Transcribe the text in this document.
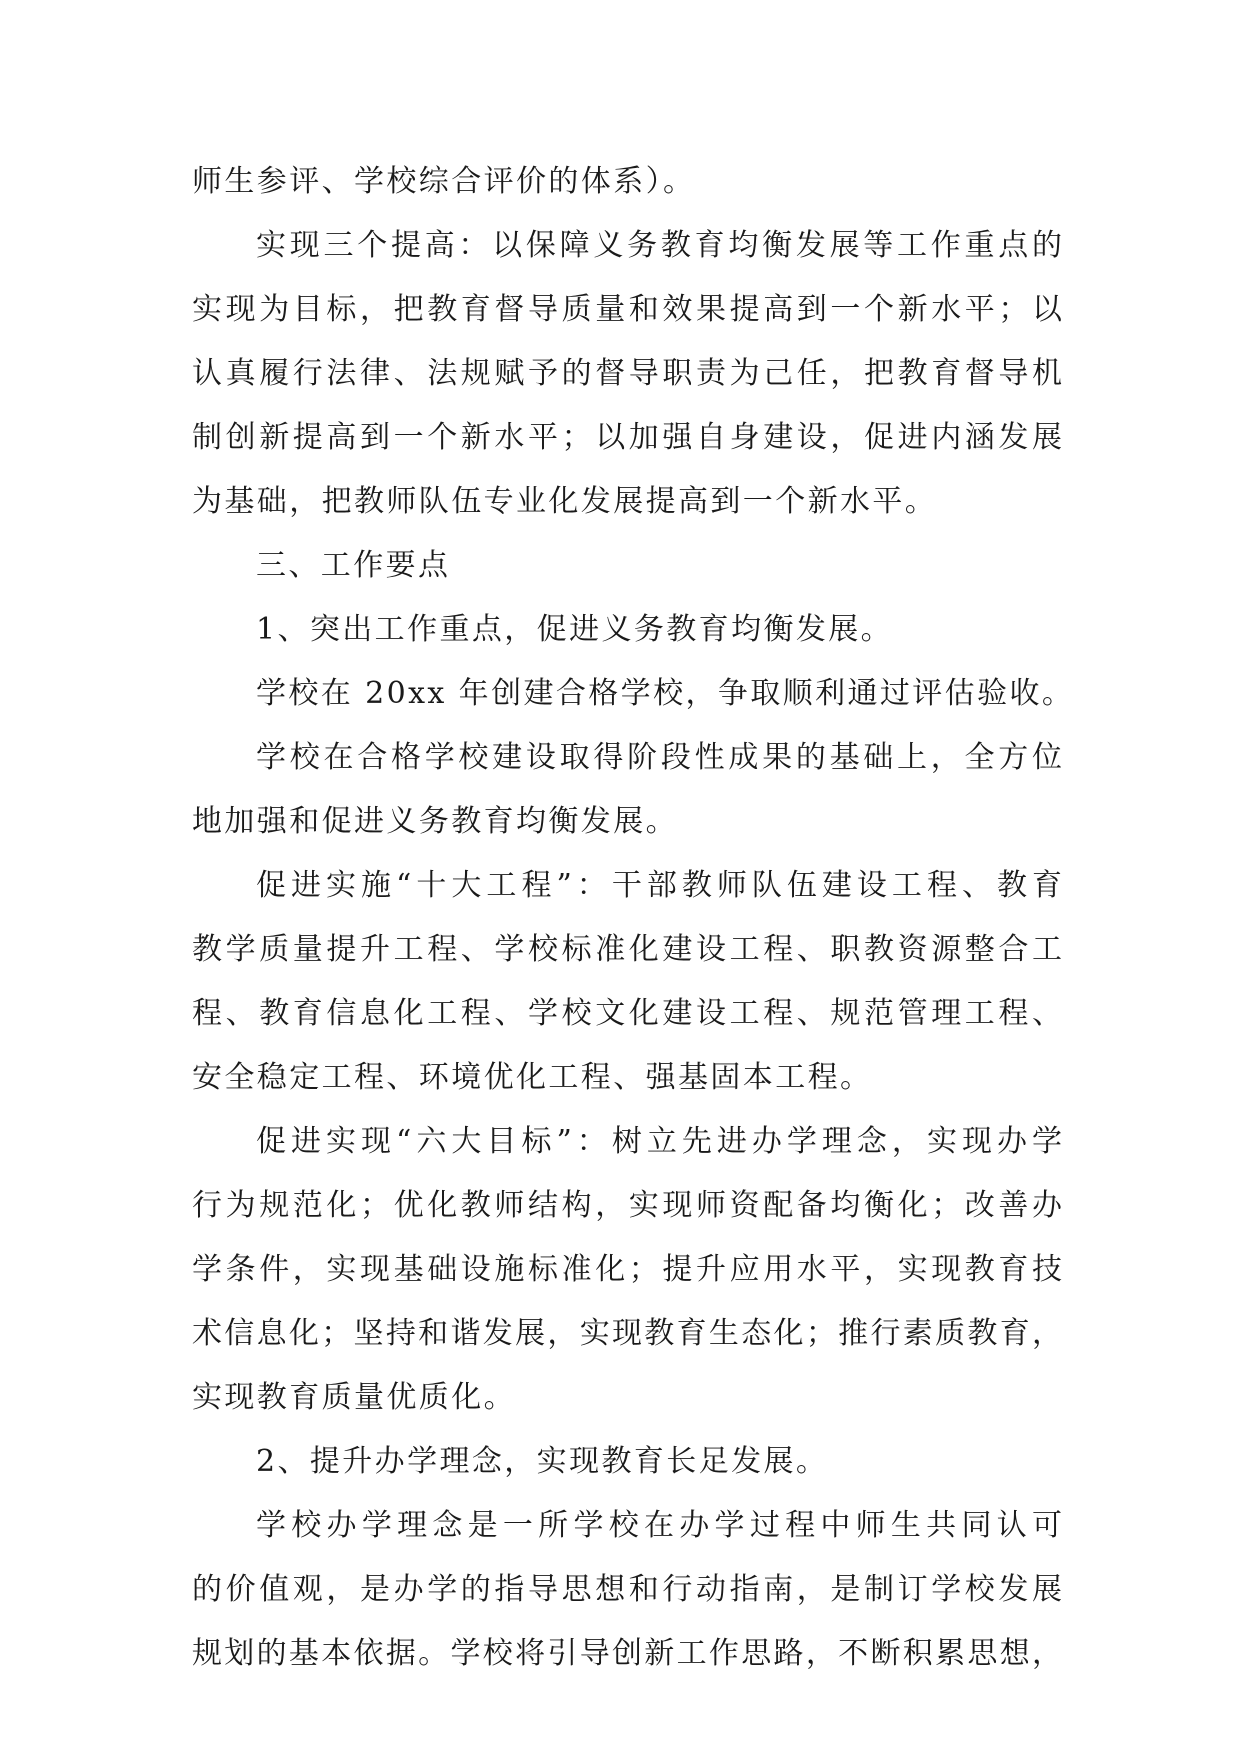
师生参评、学校综合评价的体系）。
实现三个提高：以保障义务教育均衡发展等工作重点的
实现为目标，把教育督导质量和效果提高到一个新水平；以
认真履行法律、法规赋予的督导职责为己任，把教育督导机
制创新提高到一个新水平；以加强自身建设，促进内涵发展
为基础，把教师队伍专业化发展提高到一个新水平。
三、工作要点
1、突出工作重点，促进义务教育均衡发展。
学校在 20xx 年创建合格学校，争取顺利通过评估验收。
学校在合格学校建设取得阶段性成果的基础上，全方位
地加强和促进义务教育均衡发展。
促进实施“十大工程”：干部教师队伍建设工程、教育
教学质量提升工程、学校标准化建设工程、职教资源整合工
程、教育信息化工程、学校文化建设工程、规范管理工程、
安全稳定工程、环境优化工程、强基固本工程。
促进实现“六大目标”：树立先进办学理念，实现办学
行为规范化；优化教师结构，实现师资配备均衡化；改善办
学条件，实现基础设施标准化；提升应用水平，实现教育技
术信息化；坚持和谐发展，实现教育生态化；推行素质教育，
实现教育质量优质化。
2、提升办学理念，实现教育长足发展。
学校办学理念是一所学校在办学过程中师生共同认可
的价值观，是办学的指导思想和行动指南，是制订学校发展
规划的基本依据。学校将引导创新工作思路，不断积累思想，
